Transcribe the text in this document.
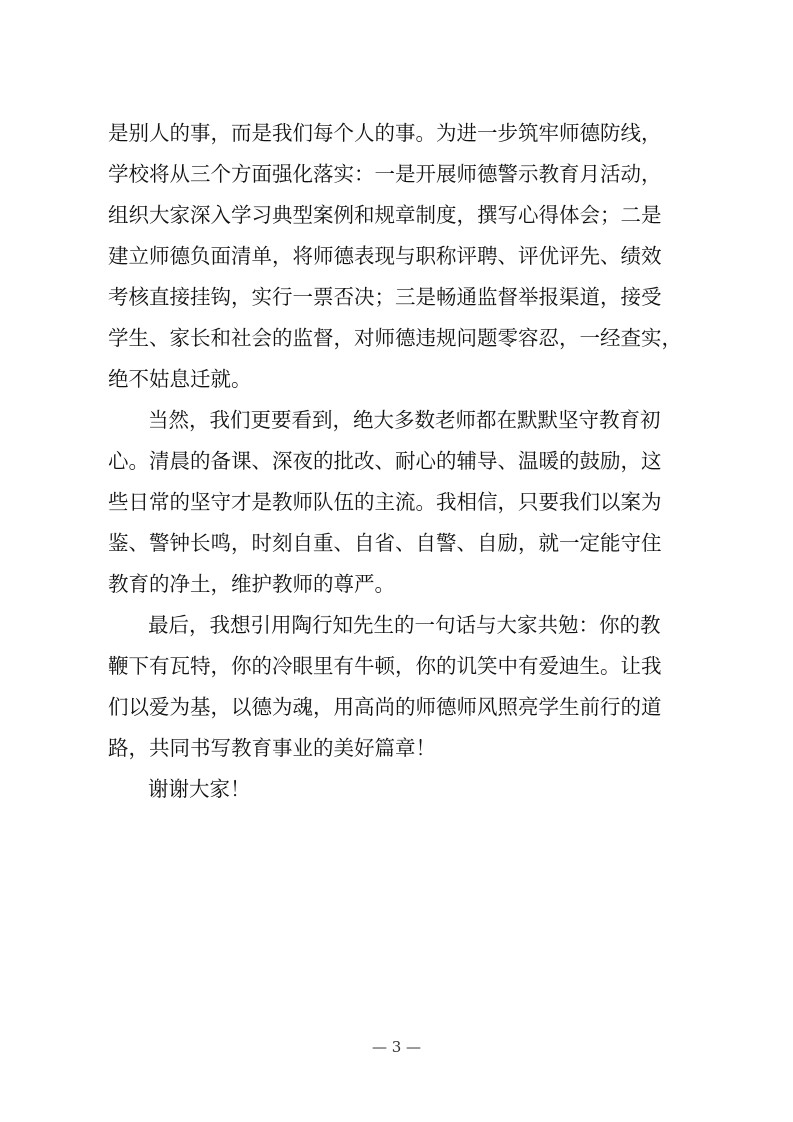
是别人的事，而是我们每个人的事。为进一步筑牢师德防线，
学校将从三个方面强化落实：一是开展师德警示教育月活动，
组织大家深入学习典型案例和规章制度，撰写心得体会；二是
建立师德负面清单，将师德表现与职称评聘、评优评先、绩效
考核直接挂钩，实行一票否决；三是畅通监督举报渠道，接受
学生、家长和社会的监督，对师德违规问题零容忍，一经查实，
绝不姑息迁就。
当然，我们更要看到，绝大多数老师都在默默坚守教育初
心。清晨的备课、深夜的批改、耐心的辅导、温暖的鼓励，这
些日常的坚守才是教师队伍的主流。我相信，只要我们以案为
鉴、警钟长鸣，时刻自重、自省、自警、自励，就一定能守住
教育的净土，维护教师的尊严。
最后，我想引用陶行知先生的一句话与大家共勉：你的教
鞭下有瓦特，你的冷眼里有牛顿，你的讥笑中有爱迪生。让我
们以爱为基，以德为魂，用高尚的师德师风照亮学生前行的道
路，共同书写教育事业的美好篇章！
谢谢大家！
— 3 —
